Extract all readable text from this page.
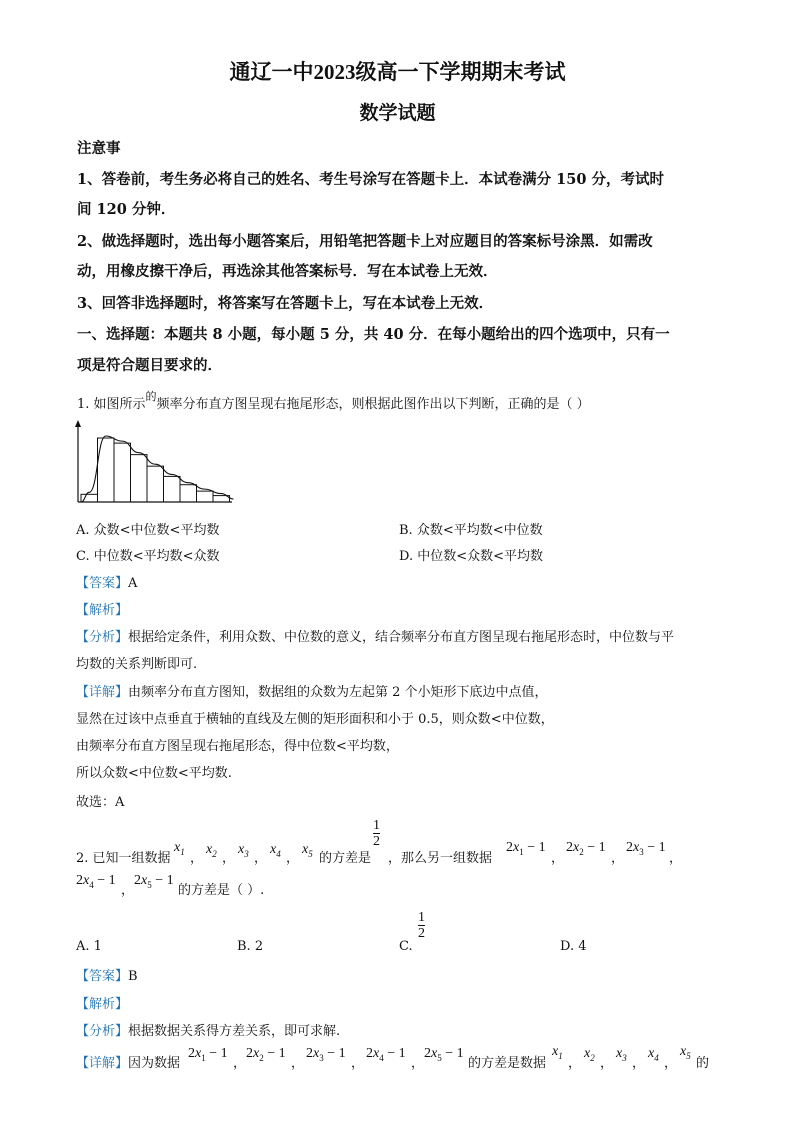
通辽一中2023级高一下学期期末考试
数学试题
注意事
1、答卷前，考生务必将自己的姓名、考生号涂写在答题卡上．本试卷满分 150 分，考试时
间 120 分钟．
2、做选择题时，选出每小题答案后，用铅笔把答题卡上对应题目的答案标号涂黑．如需改
动，用橡皮擦干净后，再选涂其他答案标号．写在本试卷上无效．
3、回答非选择题时，将答案写在答题卡上，写在本试卷上无效．
一、选择题：本题共 8 小题，每小题 5 分，共 40 分．在每小题给出的四个选项中，只有一
项是符合题目要求的．
1. 如图所示$^的$频率分布直方图呈现右拖尾形态，则根据此图作出以下判断，正确的是（ ）
A. 众数<中位数<平均数	B. 众数<平均数<中位数
C. 中位数<平均数<众数	D. 中位数<众数<平均数
【答案】A
【解析】
【分析】根据给定条件，利用众数、中位数的意义，结合频率分布直方图呈现右拖尾形态时，中位数与平
均数的关系判断即可.
【详解】由频率分布直方图知，数据组的众数为左起第 2 个小矩形下底边中点值，
显然在过该中点垂直于横轴的直线及左侧的矩形面积和小于 0.5，则众数<中位数，
由频率分布直方图呈现右拖尾形态，得中位数<平均数，
所以众数<中位数<平均数.
故选：A
2. 已知一组数据
$x_1$ ，
$x_2$ ，
$x_3$ ，
$x_4$ ，
$x_5$ 的方差是
$\frac{1}{2}$
，那么另一组数据
$2x_1 - 1$
，
$2x_2 - 1$
，
$2x_3 - 1$
，
$2x_4 - 1$
，
$2x_5 - 1$
的方差是（ ）.
A. 1	B. 2	C.
$\frac{1}{2}$
D. 4
【答案】B
【解析】
【分析】根据数据关系得方差关系，即可求解.
【详解】因为数据
$2x_1 - 1$
，
$2x_2 - 1$
，
$2x_3 - 1$
，
$2x_4 - 1$
，
$2x_5 - 1$
的方差是数据
$x_1$
，
$x_2$ ，
$x_3$ ，
$x_4$ ，
$x_5$
的
